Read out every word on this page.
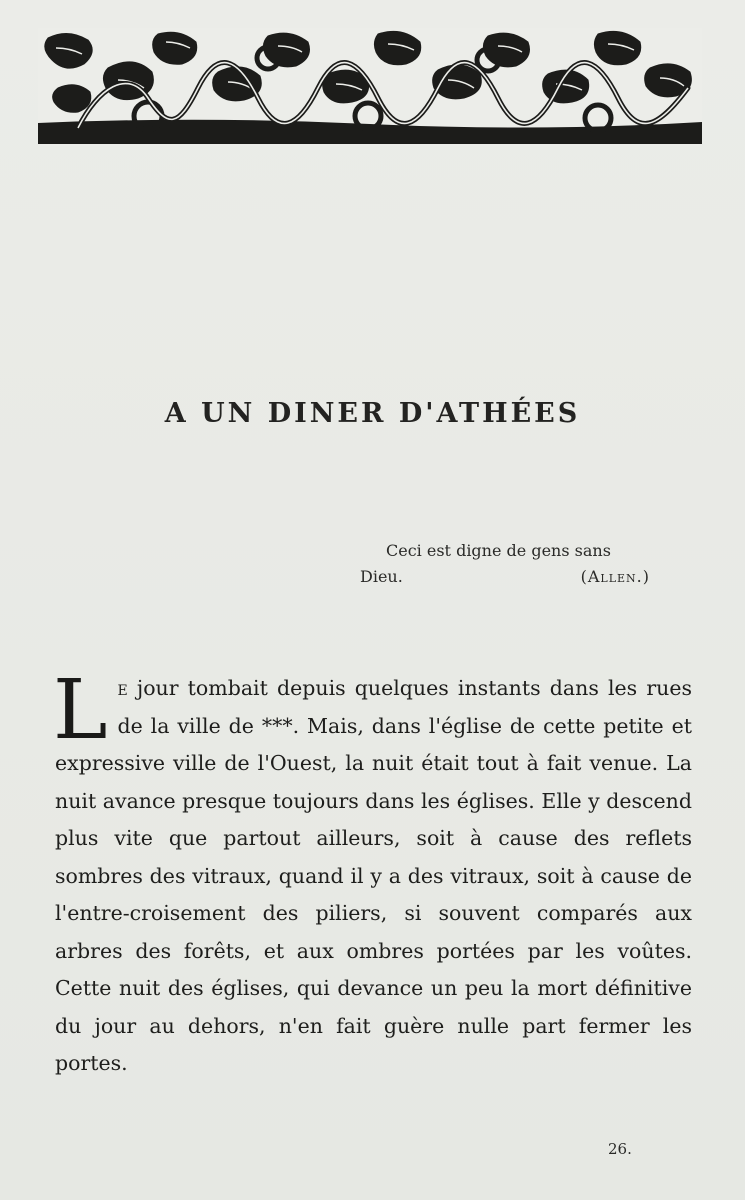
A UN DINER D'ATHÉES
Ceci est digne de gens sans
Dieu.	(Allen.)
Le jour tombait depuis quelques instants dans les rues de la ville de ***. Mais, dans l'église de cette petite et expressive ville de l'Ouest, la nuit était tout à fait venue. La nuit avance presque toujours dans les églises. Elle y descend plus vite que partout ailleurs, soit à cause des reflets sombres des vitraux, quand il y a des vitraux, soit à cause de l'entre-croisement des piliers, si souvent comparés aux arbres des forêts, et aux ombres portées par les voûtes. Cette nuit des églises, qui devance un peu la mort définitive du jour au dehors, n'en fait guère nulle part fermer les portes.
26.
